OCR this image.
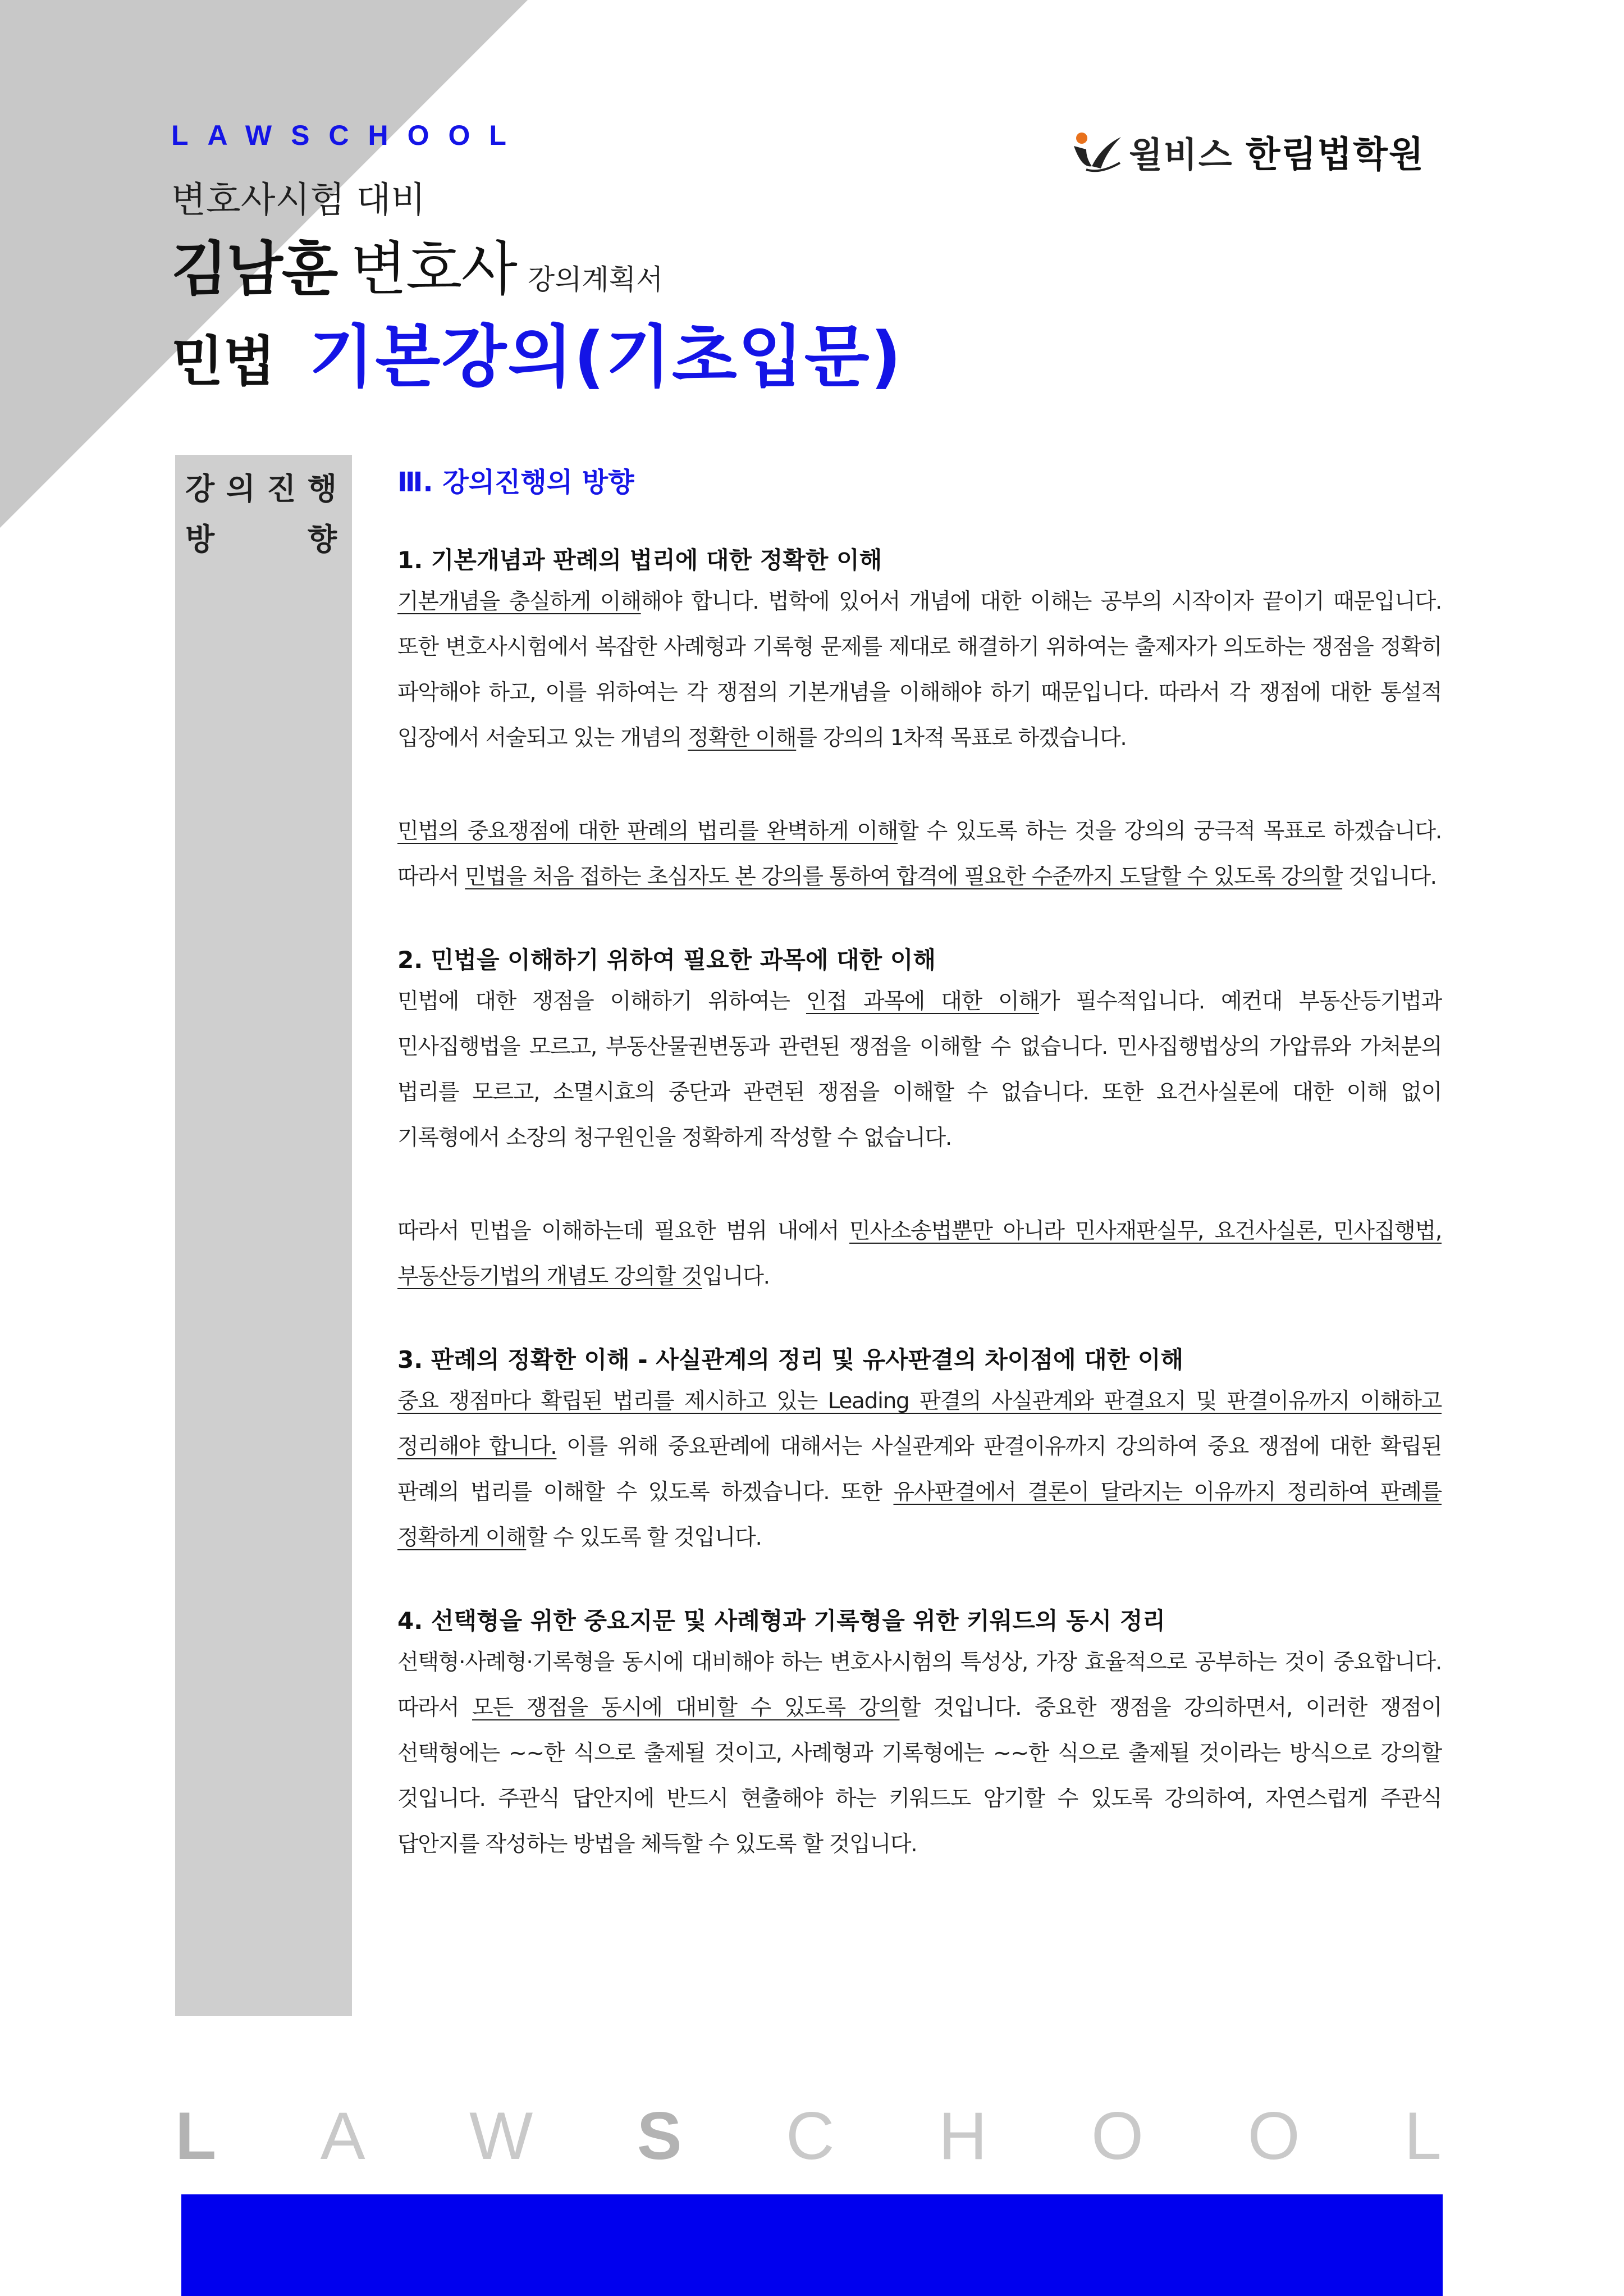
LAWSCHOOL	윌비스 한림법학원
변호사시험 대비
김남훈 변호사 강의계획서
민법 기본강의(기초입문)
강 의 진 행
방	향
Ⅲ. 강의진행의 방향
1. 기본개념과 판례의 법리에 대한 정확한 이해

기본개념을 충실하게 이해해야 합니다. 법학에 있어서 개념에 대한 이해는 공부의 시작이자 끝이기 때문입니다. 또한 변호사시험에서 복잡한 사례형과 기록형 문제를 제대로 해결하기 위하여는 출제자가 의도하는 쟁점을 정확히 파악해야 하고, 이를 위하여는 각 쟁점의 기본개념을 이해해야 하기 때문입니다. 따라서 각 쟁점에 대한 통설적 입장에서 서술되고 있는 개념의 정확한 이해를 강의의 1차적 목표로 하겠습니다.

민법의 중요쟁점에 대한 판례의 법리를 완벽하게 이해할 수 있도록 하는 것을 강의의 궁극적 목표로 하겠습니다. 따라서 민법을 처음 접하는 초심자도 본 강의를 통하여 합격에 필요한 수준까지 도달할 수 있도록 강의할 것입니다.

2. 민법을 이해하기 위하여 필요한 과목에 대한 이해

민법에 대한 쟁점을 이해하기 위하여는 인접 과목에 대한 이해가 필수적입니다. 예컨대 부동산등기법과 민사집행법을 모르고, 부동산물권변동과 관련된 쟁점을 이해할 수 없습니다. 민사집행법상의 가압류와 가처분의 법리를 모르고, 소멸시효의 중단과 관련된 쟁점을 이해할 수 없습니다. 또한 요건사실론에 대한 이해 없이 기록형에서 소장의 청구원인을 정확하게 작성할 수 없습니다.

따라서 민법을 이해하는데 필요한 범위 내에서 민사소송법뿐만 아니라 민사재판실무, 요건사실론, 민사집행법, 부동산등기법의 개념도 강의할 것입니다.

3. 판례의 정확한 이해 - 사실관계의 정리 및 유사판결의 차이점에 대한 이해

중요 쟁점마다 확립된 법리를 제시하고 있는 Leading 판결의 사실관계와 판결요지 및 판결이유까지 이해하고 정리해야 합니다. 이를 위해 중요판례에 대해서는 사실관계와 판결이유까지 강의하여 중요 쟁점에 대한 확립된 판례의 법리를 이해할 수 있도록 하겠습니다. 또한 유사판결에서 결론이 달라지는 이유까지 정리하여 판례를 정확하게 이해할 수 있도록 할 것입니다.

4. 선택형을 위한 중요지문 및 사례형과 기록형을 위한 키워드의 동시 정리

선택형·사례형·기록형을 동시에 대비해야 하는 변호사시험의 특성상, 가장 효율적으로 공부하는 것이 중요합니다. 따라서 모든 쟁점을 동시에 대비할 수 있도록 강의할 것입니다. 중요한 쟁점을 강의하면서, 이러한 쟁점이 선택형에는 ~~한 식으로 출제될 것이고, 사례형과 기록형에는 ~~한 식으로 출제될 것이라는 방식으로 강의할 것입니다. 주관식 답안지에 반드시 현출해야 하는 키워드도 암기할 수 있도록 강의하여, 자연스럽게 주관식 답안지를 작성하는 방법을 체득할 수 있도록 할 것입니다.

L A W S C H O O L
